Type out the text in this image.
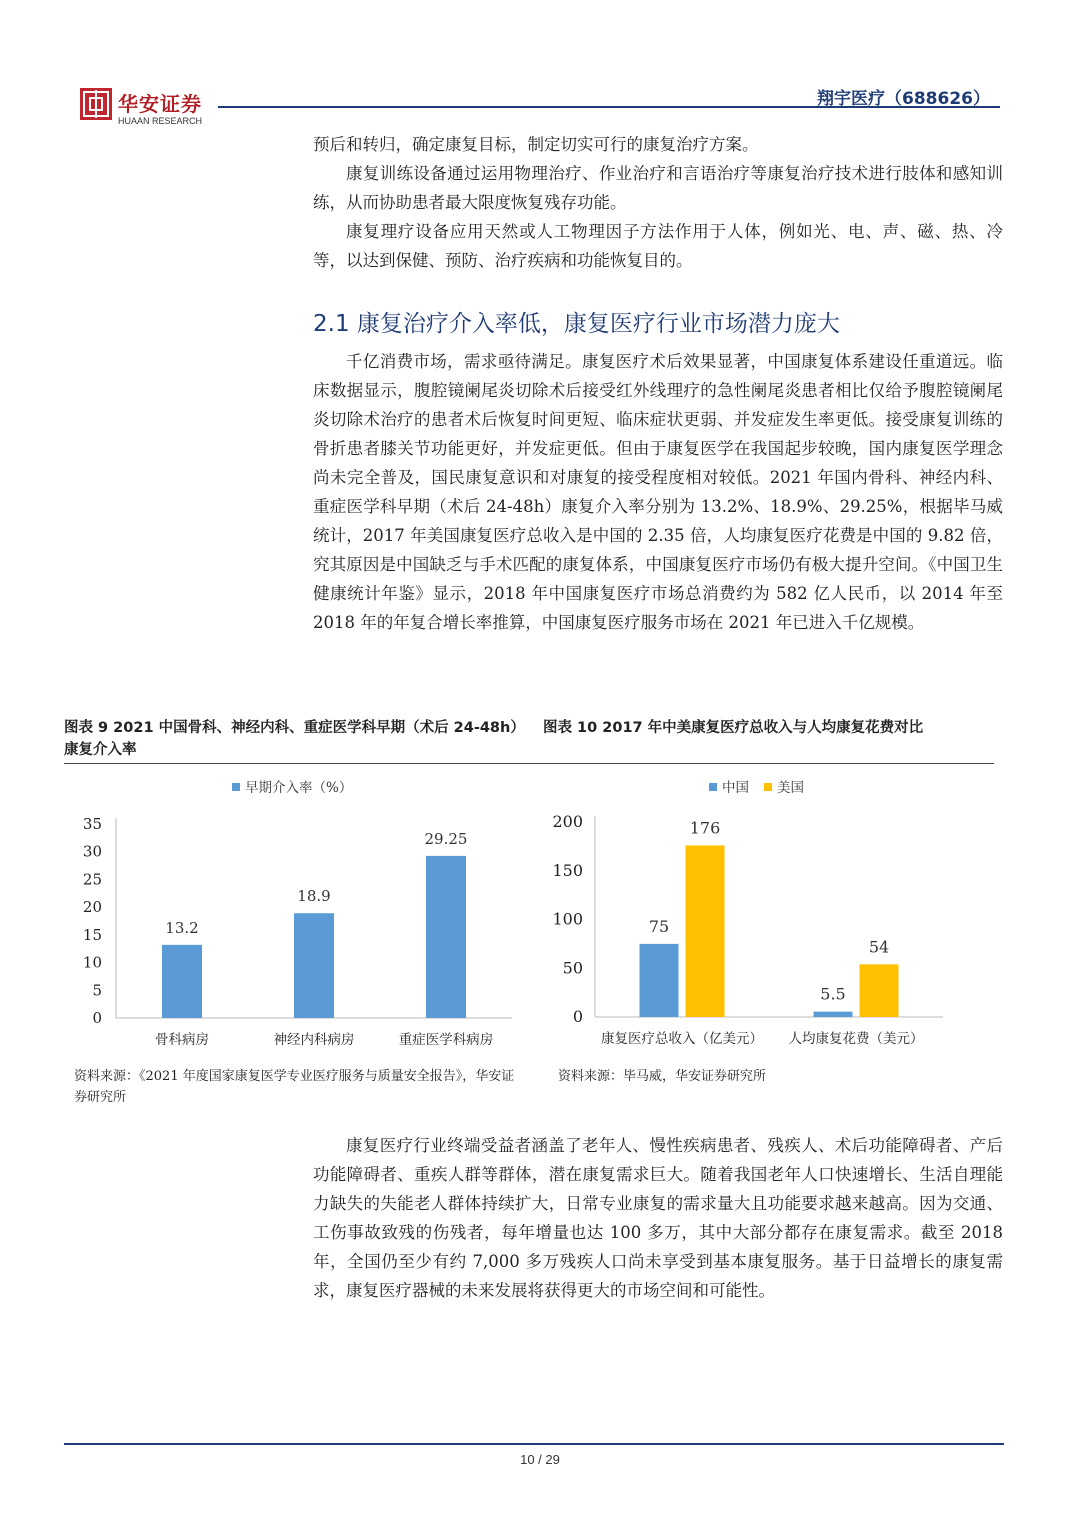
华安证券
HUAAN RESEARCH
翔宇医疗（688626）
预后和转归，确定康复目标，制定切实可行的康复治疗方案。
康复训练设备通过运用物理治疗、作业治疗和言语治疗等康复治疗技术进行肢体和感知训练，从而协助患者最大限度恢复残存功能。
康复理疗设备应用天然或人工物理因子方法作用于人体，例如光、电、声、磁、热、冷等，以达到保健、预防、治疗疾病和功能恢复目的。
2.1 康复治疗介入率低，康复医疗行业市场潜力庞大
千亿消费市场，需求亟待满足。康复医疗术后效果显著，中国康复体系建设任重道远。临床数据显示，腹腔镜阑尾炎切除术后接受红外线理疗的急性阑尾炎患者相比仅给予腹腔镜阑尾炎切除术治疗的患者术后恢复时间更短、临床症状更弱、并发症发生率更低。接受康复训练的骨折患者膝关节功能更好，并发症更低。但由于康复医学在我国起步较晚，国内康复医学理念尚未完全普及，国民康复意识和对康复的接受程度相对较低。2021 年国内骨科、神经内科、重症医学科早期（术后 24-48h）康复介入率分别为 13.2%、18.9%、29.25%，根据毕马威统计，2017 年美国康复医疗总收入是中国的 2.35 倍，人均康复医疗花费是中国的 9.82 倍，究其原因是中国缺乏与手术匹配的康复体系，中国康复医疗市场仍有极大提升空间。《中国卫生健康统计年鉴》显示，2018 年中国康复医疗市场总消费约为 582 亿人民币，以 2014 年至 2018 年的年复合增长率推算，中国康复医疗服务市场在 2021 年已进入千亿规模。
图表 9 2021 中国骨科、神经内科、重症医学科早期（术后 24-48h）康复介入率
图表 10 2017 年中美康复医疗总收入与人均康复花费对比
0
5
10
15
20
25
30
35
早期介入率（%）
骨科病房
13.2
神经内科病房
18.9
重症医学科病房
29.25
0
50
100
150
200
中国 美国
康复医疗总收入（亿美元）
75
176
人均康复花费（美元）
5.5
54
资料来源：《2021 年度国家康复医学专业医疗服务与质量安全报告》，华安证券研究所
资料来源：毕马威，华安证券研究所
康复医疗行业终端受益者涵盖了老年人、慢性疾病患者、残疾人、术后功能障碍者、产后功能障碍者、重疾人群等群体，潜在康复需求巨大。随着我国老年人口快速增长、生活自理能力缺失的失能老人群体持续扩大，日常专业康复的需求量大且功能要求越来越高。因为交通、工伤事故致残的伤残者，每年增量也达 100 多万，其中大部分都存在康复需求。截至 2018 年，全国仍至少有约 7,000 多万残疾人口尚未享受到基本康复服务。基于日益增长的康复需求，康复医疗器械的未来发展将获得更大的市场空间和可能性。
10 / 29
